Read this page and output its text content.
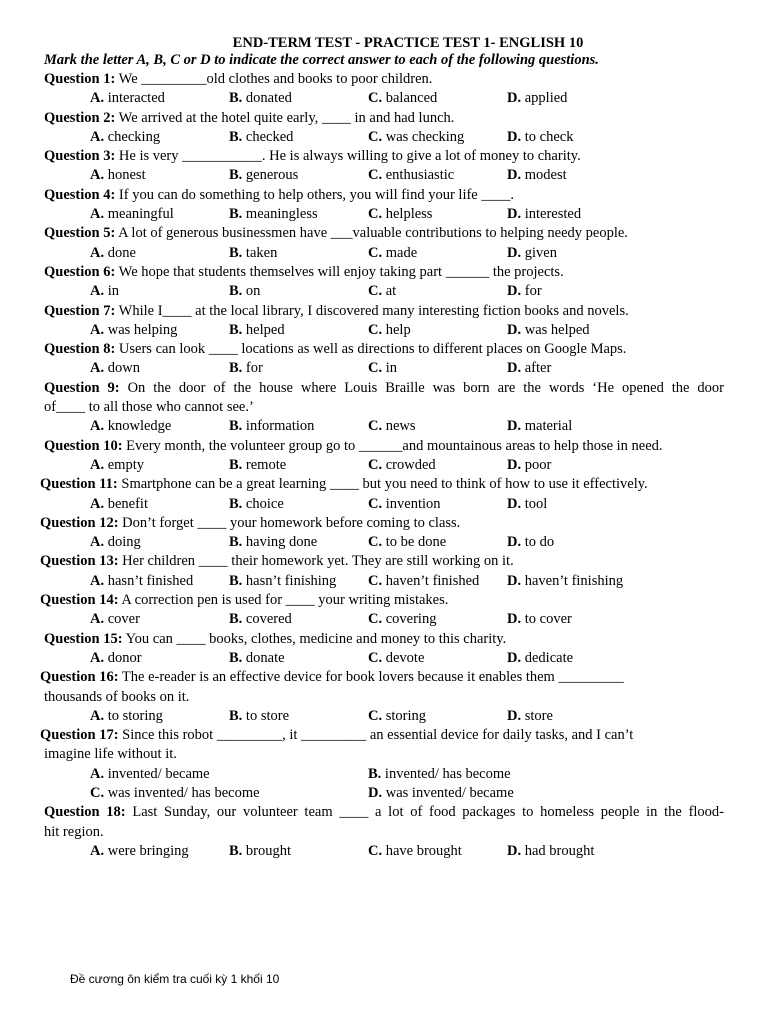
END-TERM TEST - PRACTICE TEST 1- ENGLISH 10
Mark the letter A, B, C or D to indicate the correct answer to each of the following questions.
Question 1: We _________old clothes and books to poor children.
A. interacted	B. donated	C. balanced	D. applied
Question 2: We arrived at the hotel quite early, ____ in and had lunch.
A. checking	B. checked	C. was checking	D. to check
Question 3: He is very ___________. He is always willing to give a lot of money to charity.
A. honest	B. generous	C. enthusiastic	D. modest
Question 4: If you can do something to help others, you will find your life ____.
A. meaningful	B. meaningless	C. helpless	D. interested
Question 5: A lot of generous businessmen have ___valuable contributions to helping needy people.
A. done	B. taken	C. made	D. given
Question 6: We hope that students themselves will enjoy taking part ______ the projects.
A. in	B. on	C. at	D. for
Question 7: While I____ at the local library, I discovered many interesting fiction books and novels.
A. was helping	B. helped	C. help	D. was helped
Question 8: Users can look ____ locations as well as directions to different places on Google Maps.
A. down	B. for	C. in	D. after
Question 9: On the door of the house where Louis Braille was born are the words ‘He opened the door
of____ to all those who cannot see.’
A. knowledge	B. information	C. news	D. material
Question 10: Every month, the volunteer group go to ______and mountainous areas to help those in need.
A. empty	B. remote	C. crowded	D. poor
Question 11: Smartphone can be a great learning ____ but you need to think of how to use it effectively.
A. benefit	B. choice	C. invention	D. tool
Question 12: Don’t forget ____ your homework before coming to class.
A. doing	B. having done	C. to be done	D. to do
Question 13: Her children ____ their homework yet. They are still working on it.
A. hasn’t finished	B. hasn’t finishing	C. haven’t finished	D. haven’t finishing
Question 14: A correction pen is used for ____ your writing mistakes.
A. cover	B. covered	C. covering	D. to cover
Question 15: You can ____ books, clothes, medicine and money to this charity.
A. donor	B. donate	C. devote	D. dedicate
Question 16: The e-reader is an effective device for book lovers because it enables them _________
thousands of books on it.
A. to storing	B. to store	C. storing	D. store
Question 17: Since this robot _________, it _________ an essential device for daily tasks, and I can’t
imagine life without it.
A. invented/ became	B. invented/ has become
C. was invented/ has become	D. was invented/ became
Question 18: Last Sunday, our volunteer team ____ a lot of food packages to homeless people in the flood-
hit region.
A. were bringing	B. brought	C. have brought	D. had brought
Đề cương ôn kiểm tra cuối kỳ 1 khối 10
